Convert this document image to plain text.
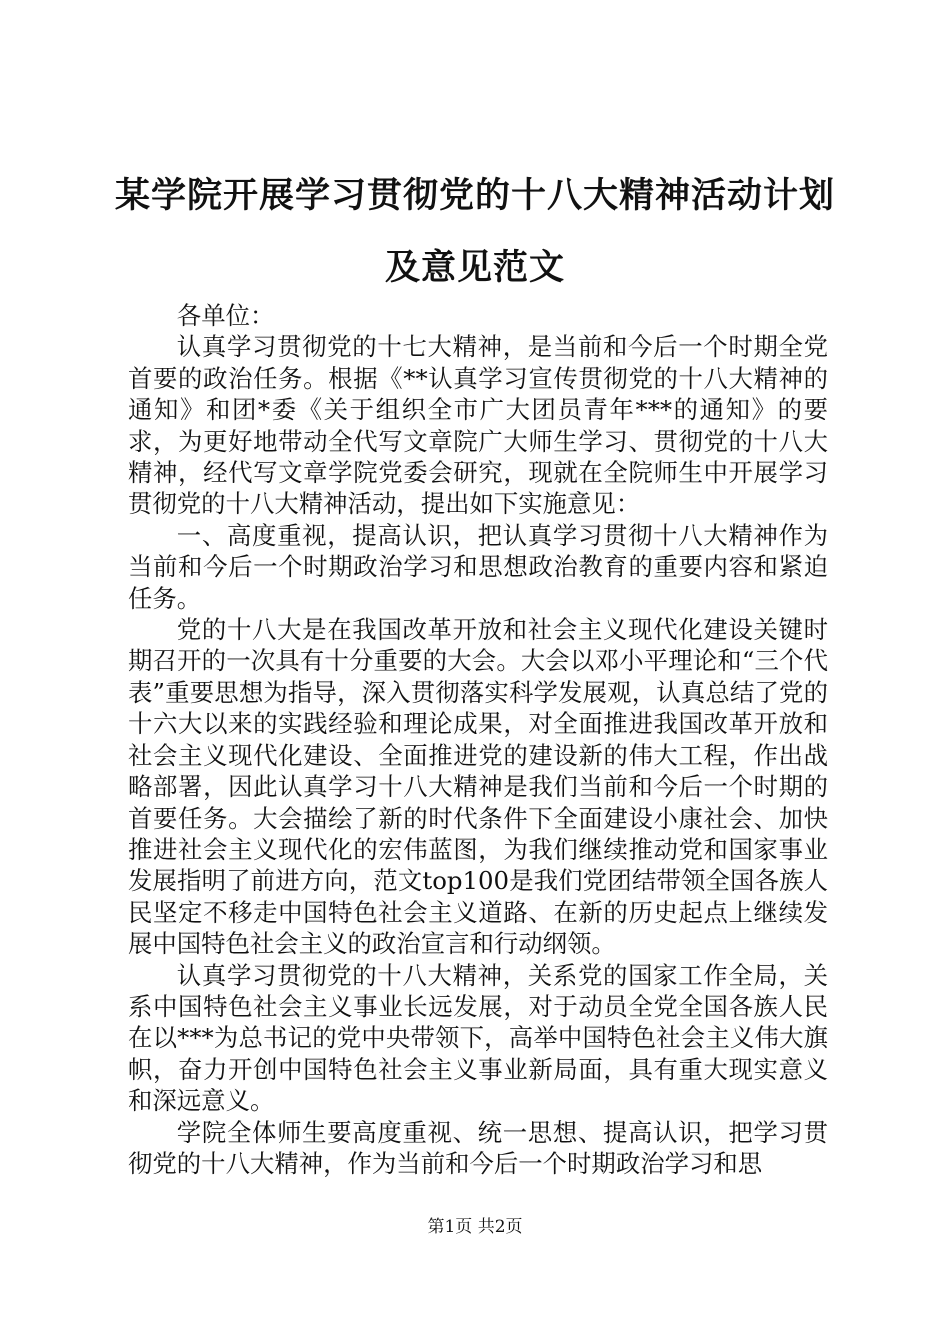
某学院开展学习贯彻党的十八大精神活动计划
及意见范文

各单位：

认真学习贯彻党的十七大精神，是当前和今后一个时期全党首要的政治任务。根据《**认真学习宣传贯彻党的十八大精神的通知》和团*委《关于组织全市广大团员青年***的通知》的要求，为更好地带动全代写文章院广大师生学习、贯彻党的十八大精神，经代写文章学院党委会研究，现就在全院师生中开展学习贯彻党的十八大精神活动，提出如下实施意见：

一、高度重视，提高认识，把认真学习贯彻十八大精神作为当前和今后一个时期政治学习和思想政治教育的重要内容和紧迫任务。

党的十八大是在我国改革开放和社会主义现代化建设关键时期召开的一次具有十分重要的大会。大会以邓小平理论和“三个代表”重要思想为指导，深入贯彻落实科学发展观，认真总结了党的十六大以来的实践经验和理论成果，对全面推进我国改革开放和社会主义现代化建设、全面推进党的建设新的伟大工程，作出战略部署，因此认真学习十八大精神是我们当前和今后一个时期的首要任务。大会描绘了新的时代条件下全面建设小康社会、加快推进社会主义现代化的宏伟蓝图，为我们继续推动党和国家事业发展指明了前进方向，范文top100是我们党团结带领全国各族人民坚定不移走中国特色社会主义道路、在新的历史起点上继续发展中国特色社会主义的政治宣言和行动纲领。

认真学习贯彻党的十八大精神，关系党的国家工作全局，关系中国特色社会主义事业长远发展，对于动员全党全国各族人民在以***为总书记的党中央带领下，高举中国特色社会主义伟大旗帜，奋力开创中国特色社会主义事业新局面，具有重大现实意义和深远意义。

学院全体师生要高度重视、统一思想、提高认识，把学习贯彻党的十八大精神，作为当前和今后一个时期政治学习和思

第1页 共2页
